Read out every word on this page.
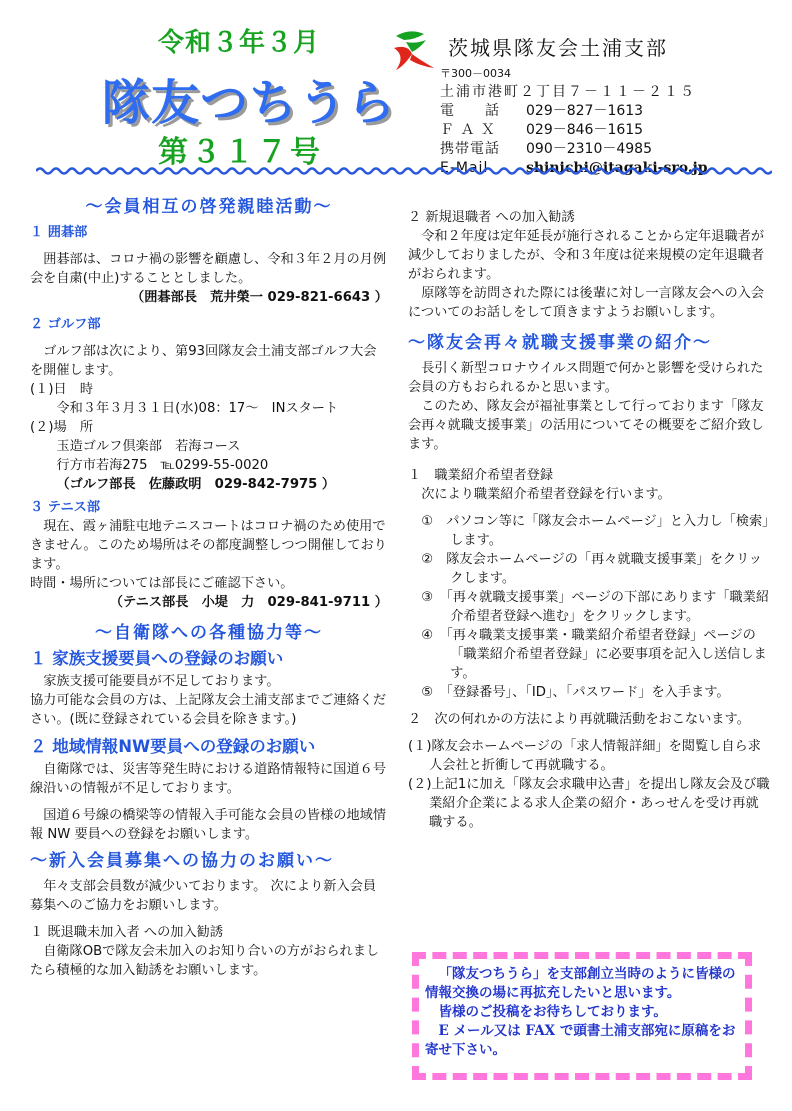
令和３年３月
隊友つちうら
第３１７号
茨城県隊友会土浦支部
〒300－0034
土浦市港町２丁目７－１１－２１５
電　　話 029－827－1613
Ｆ Ａ Ｘ 029－846－1615
携帯電話 090－2310－4985
E-Mail	shinichi@itagaki-sro.jp
〜会員相互の啓発親睦活動〜
１ 囲碁部

囲碁部は、コロナ禍の影響を顧慮し、令和３年２月の月例会を自粛(中止)することとしました。

（囲碁部長　荒井榮一 029-821-6643 ）

２ ゴルフ部

ゴルフ部は次により、第93回隊友会土浦支部ゴルフ大会を開催します。

(１)日　時

令和３年３月３１日(水)08：17〜　INスタート

(２)場　所

玉造ゴルフ倶楽部　若海コース

行方市若海275　℡0299-55-0020

（ゴルフ部長　佐藤政明　029-842-7975 ）

３ テニス部

現在、霞ヶ浦駐屯地テニスコートはコロナ禍のため使用できません。このため場所はその都度調整しつつ開催しております。

時間・場所については部長にご確認下さい。

（テニス部長　小堤　力　029-841-9711 ）

〜自衛隊への各種協力等〜
１ 家族支援要員への登録のお願い

家族支援可能要員が不足しております。

協力可能な会員の方は、上記隊友会土浦支部までご連絡ください。(既に登録されている会員を除きます。)

２ 地域情報NW要員への登録のお願い

自衛隊では、災害等発生時における道路情報特に国道６号線沿いの情報が不足しております。

国道６号線の橋梁等の情報入手可能な会員の皆様の地域情報 NW 要員への登録をお願いします。

〜新入会員募集への協力のお願い〜

年々支部会員数が減少いております。 次により新入会員募集へのご協力をお願いします。

１ 既退職未加入者 への加入勧誘

自衛隊OBで隊友会未加入のお知り合いの方がおられましたら積極的な加入勧誘をお願いします。

２ 新規退職者 への加入勧誘

令和２年度は定年延長が施行されることから定年退職者が減少しておりましたが、令和３年度は従来規模の定年退職者がおられます。

原隊等を訪問された際には後輩に対し一言隊友会への入会についてのお話しをして頂きますようお願いします。

〜隊友会再々就職支援事業の紹介〜

長引く新型コロナウイルス問題で何かと影響を受けられた会員の方もおられるかと思います。

このため、隊友会が福祉事業として行っております「隊友会再々就職支援事業」の活用についてその概要をご紹介致します。

１　職業紹介希望者登録

次により職業紹介希望者登録を行います。

①　パソコン等に「隊友会ホームページ」と入力し「検索」します。

②　隊友会ホームページの「再々就職支援事業」をクリックします。

③　「再々就職支援事業」ページの下部にあります「職業紹介希望者登録へ進む」をクリックします。

④　「再々職業支援事業・職業紹介希望者登録」ページの「職業紹介希望者登録」に必要事項を記入し送信します。

⑤　「登録番号」、「ID」、「パスワード」を入手ます。

２　次の何れかの方法により再就職活動をおこないます。

(１)隊友会ホームページの「求人情報詳細」を閲覧し自ら求人会社と折衝して再就職する。

(２)上記1に加え「隊友会求職申込書」を提出し隊友会及び職業紹介企業による求人企業の紹介・あっせんを受け再就職する。

「隊友つちうら」を支部創立当時のように皆様の情報交換の場に再拡充したいと思います。

皆様のご投稿をお待ちしております。

E メール又は FAX で頭書土浦支部宛に原稿をお寄せ下さい。
